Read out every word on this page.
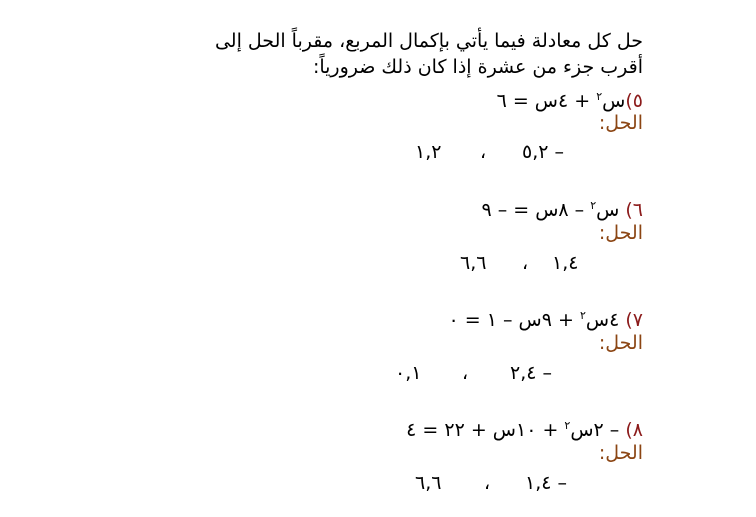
حل كل معادلة فيما يأتي بإكمال المربع، مقرباً الحل إلى
أقرب جزء من عشرة إذا كان ذلك ضرورياً:
٥)س$^٢$ + ٤س = ٦
الحل:
– ٥,٢
،
١,٢
٦) س$^٢$ – ٨س = – ٩
الحل:
١,٤
،
٦,٦
٧) ٤س$^٢$ + ٩س – ١ = ٠
الحل:
– ٢,٤
،
٠,١
٨) – ٢س$^٢$ + ١٠س + ٢٢ = ٤
الحل:
– ١,٤
،
٦,٦
